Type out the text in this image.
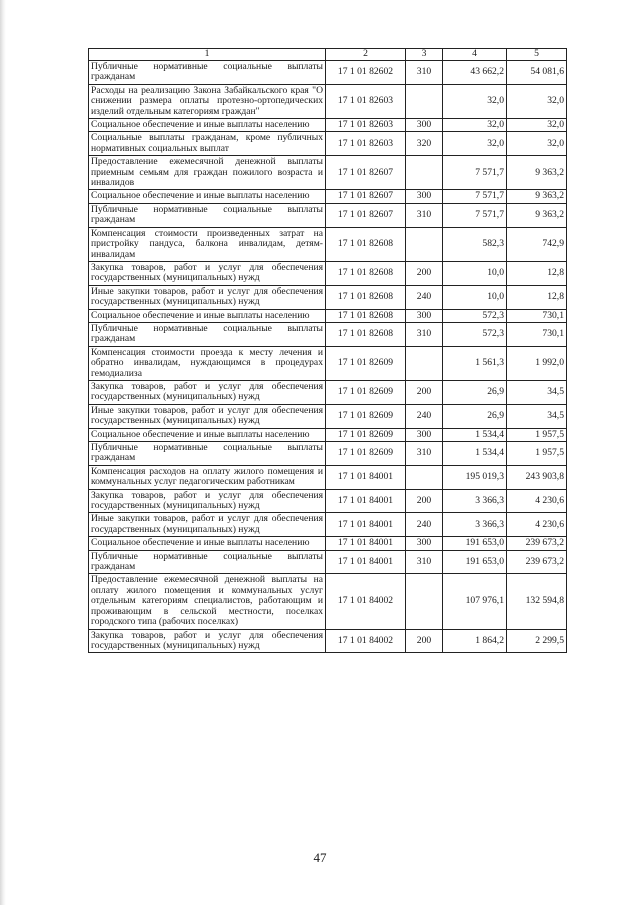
1	2	3	4	5
Публичные нормативные социальные выплаты гражданам	17 1 01 82602	310	43 662,2	54 081,6
Расходы на реализацию Закона Забайкальского края "О снижении размера оплаты протезно-ортопедических изделий отдельным категориям граждан"	17 1 01 82603		32,0	32,0
Социальное обеспечение и иные выплаты населению	17 1 01 82603	300	32,0	32,0
Социальные выплаты гражданам, кроме публичных нормативных социальных выплат	17 1 01 82603	320	32,0	32,0
Предоставление ежемесячной денежной выплаты приемным семьям для граждан пожилого возраста и инвалидов	17 1 01 82607		7 571,7	9 363,2
Социальное обеспечение и иные выплаты населению	17 1 01 82607	300	7 571,7	9 363,2
Публичные нормативные социальные выплаты гражданам	17 1 01 82607	310	7 571,7	9 363,2
Компенсация стоимости произведенных затрат на пристройку пандуса, балкона инвалидам, детям-инвалидам	17 1 01 82608		582,3	742,9
Закупка товаров, работ и услуг для обеспечения государственных (муниципальных) нужд	17 1 01 82608	200	10,0	12,8
Иные закупки товаров, работ и услуг для обеспечения государственных (муниципальных) нужд	17 1 01 82608	240	10,0	12,8
Социальное обеспечение и иные выплаты населению	17 1 01 82608	300	572,3	730,1
Публичные нормативные социальные выплаты гражданам	17 1 01 82608	310	572,3	730,1
Компенсация стоимости проезда к месту лечения и обратно инвалидам, нуждающимся в процедурах гемодиализа	17 1 01 82609		1 561,3	1 992,0
Закупка товаров, работ и услуг для обеспечения государственных (муниципальных) нужд	17 1 01 82609	200	26,9	34,5
Иные закупки товаров, работ и услуг для обеспечения государственных (муниципальных) нужд	17 1 01 82609	240	26,9	34,5
Социальное обеспечение и иные выплаты населению	17 1 01 82609	300	1 534,4	1 957,5
Публичные нормативные социальные выплаты гражданам	17 1 01 82609	310	1 534,4	1 957,5
Компенсация расходов на оплату жилого помещения и коммунальных услуг педагогическим работникам	17 1 01 84001		195 019,3	243 903,8
Закупка товаров, работ и услуг для обеспечения государственных (муниципальных) нужд	17 1 01 84001	200	3 366,3	4 230,6
Иные закупки товаров, работ и услуг для обеспечения государственных (муниципальных) нужд	17 1 01 84001	240	3 366,3	4 230,6
Социальное обеспечение и иные выплаты населению	17 1 01 84001	300	191 653,0	239 673,2
Публичные нормативные социальные выплаты гражданам	17 1 01 84001	310	191 653,0	239 673,2
Предоставление ежемесячной денежной выплаты на оплату жилого помещения и коммунальных услуг отдельным категориям специалистов, работающим и проживающим в сельской местности, поселках городского типа (рабочих поселках)	17 1 01 84002		107 976,1	132 594,8
Закупка товаров, работ и услуг для обеспечения государственных (муниципальных) нужд	17 1 01 84002	200	1 864,2	2 299,5
47
